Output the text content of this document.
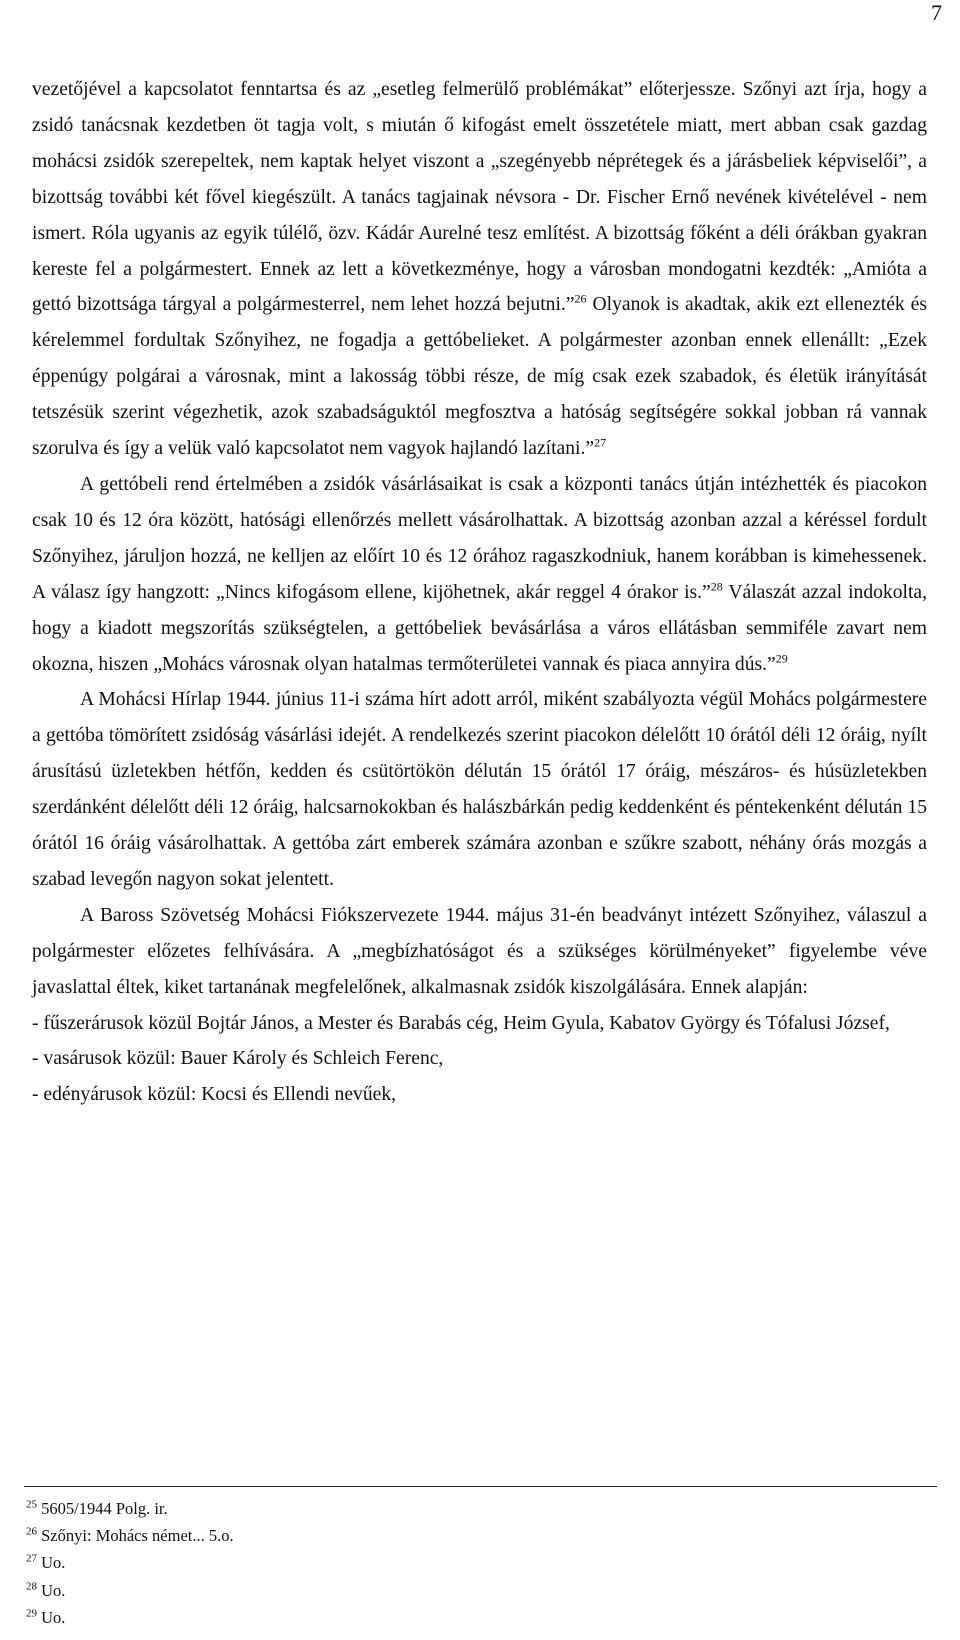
7

vezetőjével a kapcsolatot fenntartsa és az „esetleg felmerülő problémákat” előterjessze. Szőnyi azt írja, hogy a zsidó tanácsnak kezdetben öt tagja volt, s miután ő kifogást emelt összetétele miatt, mert abban csak gazdag mohácsi zsidók szerepeltek, nem kaptak helyet viszont a „szegényebb néprétegek és a járásbeliek képviselői”, a bizottság további két fővel kiegészült. A tanács tagjainak névsora - Dr. Fischer Ernő nevének kivételével - nem ismert. Róla ugyanis az egyik túlélő, özv. Kádár Aurelné tesz említést. A bizottság főként a déli órákban gyakran kereste fel a polgármestert. Ennek az lett a következménye, hogy a városban mondogatni kezdték: „Amióta a gettó bizottsága tárgyal a polgármesterrel, nem lehet hozzá bejutni.”$^{26}$ Olyanok is akadtak, akik ezt ellenezték és kérelemmel fordultak Szőnyihez, ne fogadja a gettóbelieket. A polgármester azonban ennek ellenállt: „Ezek éppenúgy polgárai a városnak, mint a lakosság többi része, de míg csak ezek szabadok, és életük irányítását tetszésük szerint végezhetik, azok szabadságuktól megfosztva a hatóság segítségére sokkal jobban rá vannak szorulva és így a velük való kapcsolatot nem vagyok hajlandó lazítani.”$^{27}$

A gettóbeli rend értelmében a zsidók vásárlásaikat is csak a központi tanács útján intézhették és piacokon csak 10 és 12 óra között, hatósági ellenőrzés mellett vásárolhattak. A bizottság azonban azzal a kéréssel fordult Szőnyihez, járuljon hozzá, ne kelljen az előírt 10 és 12 órához ragaszkodniuk, hanem korábban is kimehessenek. A válasz így hangzott: „Nincs kifogásom ellene, kijöhetnek, akár reggel 4 órakor is.”$^{28}$ Válaszát azzal indokolta, hogy a kiadott megszorítás szükségtelen, a gettóbeliek bevásárlása a város ellátásban semmiféle zavart nem okozna, hiszen „Mohács városnak olyan hatalmas termőterületei vannak és piaca annyira dús.”$^{29}$

A Mohácsi Hírlap 1944. június 11-i száma hírt adott arról, miként szabályozta végül Mohács polgármestere a gettóba tömörített zsidóság vásárlási idejét. A rendelkezés szerint piacokon délelőtt 10 órától déli 12 óráig, nyílt árusítású üzletekben hétfőn, kedden és csütörtökön délután 15 órától 17 óráig, mészáros- és húsüzletekben szerdánként délelőtt déli 12 óráig, halcsarnokokban és halászbárkán pedig keddenként és péntekenként délután 15 órától 16 óráig vásárolhattak. A gettóba zárt emberek számára azonban e szűkre szabott, néhány órás mozgás a szabad levegőn nagyon sokat jelentett.

A Baross Szövetség Mohácsi Fiókszervezete 1944. május 31-én beadványt intézett Szőnyihez, válaszul a polgármester előzetes felhívására. A „megbízhatóságot és a szükséges körülményeket” figyelembe véve javaslattal éltek, kiket tartanának megfelelőnek, alkalmasnak zsidók kiszolgálására. Ennek alapján:

- fűszerárusok közül Bojtár János, a Mester és Barabás cég, Heim Gyula, Kabatov György és Tófalusi József,

- vasárusok közül: Bauer Károly és Schleich Ferenc,

- edényárusok közül: Kocsi és Ellendi nevűek,

$^{25}$ 5605/1944 Polg. ir.

$^{26}$ Szőnyi: Mohács német... 5.o.

$^{27}$ Uo.

$^{28}$ Uo.

$^{29}$ Uo.
